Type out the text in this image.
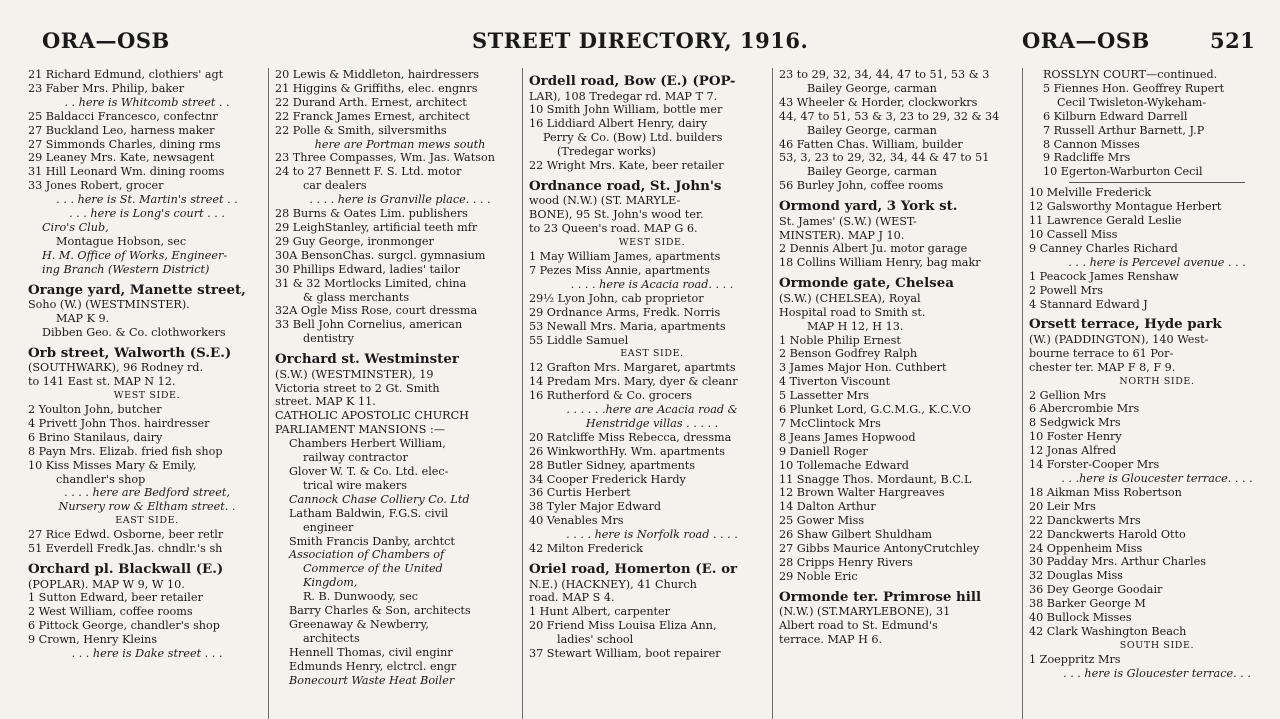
ORA—OSB	STREET DIRECTORY, 1916.	ORA—OSB	521
21 Richard Edmund, clothiers' agt
23 Faber Mrs. Philip, baker
. . here is Whitcomb street . .
25 Baldacci Francesco, confectnr
27 Buckland Leo, harness maker
27 Simmonds Charles, dining rms
29 Leaney Mrs. Kate, newsagent
31 Hill Leonard Wm. dining rooms
33 Jones Robert, grocer
. . . here is St. Martin's street . .
. . . here is Long's court . . .
Ciro's Club,
Montague Hobson, sec
H. M. Office of Works, Engineer-
ing Branch (Western District)
Orange yard, Manette street,
Soho (W.) (WESTMINSTER).
MAP K 9.
Dibben Geo. & Co. clothworkers
Orb street, Walworth (S.E.)
(SOUTHWARK), 96 Rodney rd.
to 141 East st. MAP N 12.
WEST SIDE.
2 Youlton John, butcher
4 Privett John Thos. hairdresser
6 Brino Stanilaus, dairy
8 Payn Mrs. Elizab. fried fish shop
10 Kiss Misses Mary & Emily,
chandler's shop
. . . . here are Bedford street,
Nursery row & Eltham street. .
EAST SIDE.
27 Rice Edwd. Osborne, beer retlr
51 Everdell Fredk.Jas. chndlr.'s sh
Orchard pl. Blackwall (E.)
(POPLAR). MAP W 9, W 10.
1 Sutton Edward, beer retailer
2 West William, coffee rooms
6 Pittock George, chandler's shop
9 Crown, Henry Kleins
. . . here is Dake street . . .
20 Lewis & Middleton, hairdressers
21 Higgins & Griffiths, elec. engnrs
22 Durand Arth. Ernest, architect
22 Franck James Ernest, architect
22 Polle & Smith, silversmiths
here are Portman mews south
23 Three Compasses, Wm. Jas. Watson
24 to 27 Bennett F. S. Ltd. motor
car dealers
. . . . here is Granville place. . . .
28 Burns & Oates Lim. publishers
29 LeighStanley, artificial teeth mfr
29 Guy George, ironmonger
30A BensonChas. surgcl. gymnasium
30 Phillips Edward, ladies' tailor
31 & 32 Mortlocks Limited, china
& glass merchants
32A Ogle Miss Rose, court dressma
33 Bell John Cornelius, american
dentistry
Orchard st. Westminster
(S.W.) (WESTMINSTER), 19
Victoria street to 2 Gt. Smith
street. MAP K 11.
CATHOLIC APOSTOLIC CHURCH
PARLIAMENT MANSIONS :—
Chambers Herbert William,
railway contractor
Glover W. T. & Co. Ltd. elec-
trical wire makers
Cannock Chase Colliery Co. Ltd
Latham Baldwin, F.G.S. civil
engineer
Smith Francis Danby, archtct
Association of Chambers of
Commerce of the United
Kingdom,
R. B. Dunwoody, sec
Barry Charles & Son, architects
Greenaway & Newberry,
architects
Hennell Thomas, civil enginr
Edmunds Henry, elctrcl. engr
Bonecourt Waste Heat Boiler
Ordell road, Bow (E.) (POP-
LAR), 108 Tredegar rd. MAP T 7.
10 Smith John William, bottle mer
16 Liddiard Albert Henry, dairy
Perry & Co. (Bow) Ltd. builders
(Tredegar works)
22 Wright Mrs. Kate, beer retailer
Ordnance road, St. John's
wood (N.W.) (ST. MARYLE-
BONE), 95 St. John's wood ter.
to 23 Queen's road. MAP G 6.
WEST SIDE.
1 May William James, apartments
7 Pezes Miss Annie, apartments
. . . . here is Acacia road. . . .
29½ Lyon John, cab proprietor
29 Ordnance Arms, Fredk. Norris
53 Newall Mrs. Maria, apartments
55 Liddle Samuel
EAST SIDE.
12 Grafton Mrs. Margaret, apartmts
14 Predam Mrs. Mary, dyer & cleanr
16 Rutherford & Co. grocers
. . . . . .here are Acacia road &
Henstridge villas . . . . .
20 Ratcliffe Miss Rebecca, dressma
26 WinkworthHy. Wm. apartments
28 Butler Sidney, apartments
34 Cooper Frederick Hardy
36 Curtis Herbert
38 Tyler Major Edward
40 Venables Mrs
. . . . here is Norfolk road . . . .
42 Milton Frederick
Oriel road, Homerton (E. or
N.E.) (HACKNEY), 41 Church
road. MAP S 4.
1 Hunt Albert, carpenter
20 Friend Miss Louisa Eliza Ann,
ladies' school
37 Stewart William, boot repairer
23 to 29, 32, 34, 44, 47 to 51, 53 & 3
Bailey George, carman
43 Wheeler & Horder, clockworkrs
44, 47 to 51, 53 & 3, 23 to 29, 32 & 34
Bailey George, carman
46 Fatten Chas. William, builder
53, 3, 23 to 29, 32, 34, 44 & 47 to 51
Bailey George, carman
56 Burley John, coffee rooms
Ormond yard, 3 York st.
St. James' (S.W.) (WEST-
MINSTER). MAP J 10.
2 Dennis Albert Ju. motor garage
18 Collins William Henry, bag makr
Ormonde gate, Chelsea
(S.W.) (CHELSEA), Royal
Hospital road to Smith st.
MAP H 12, H 13.
1 Noble Philip Ernest
2 Benson Godfrey Ralph
3 James Major Hon. Cuthbert
4 Tiverton Viscount
5 Lassetter Mrs
6 Plunket Lord, G.C.M.G., K.C.V.O
7 McClintock Mrs
8 Jeans James Hopwood
9 Daniell Roger
10 Tollemache Edward
11 Snagge Thos. Mordaunt, B.C.L
12 Brown Walter Hargreaves
14 Dalton Arthur
25 Gower Miss
26 Shaw Gilbert Shuldham
27 Gibbs Maurice AntonyCrutchley
28 Cripps Henry Rivers
29 Noble Eric
Ormonde ter. Primrose hill
(N.W.) (ST.MARYLEBONE), 31
Albert road to St. Edmund's
terrace. MAP H 6.
ROSSLYN COURT—continued.
5 Fiennes Hon. Geoffrey Rupert
Cecil Twisleton-Wykeham-
6 Kilburn Edward Darrell
7 Russell Arthur Barnett, J.P
8 Cannon Misses
9 Radcliffe Mrs
10 Egerton-Warburton Cecil
10 Melville Frederick
12 Galsworthy Montague Herbert
11 Lawrence Gerald Leslie
10 Cassell Miss
9 Canney Charles Richard
. . . here is Percevel avenue . . .
1 Peacock James Renshaw
2 Powell Mrs
4 Stannard Edward J
Orsett terrace, Hyde park
(W.) (PADDINGTON), 140 West-
bourne terrace to 61 Por-
chester ter. MAP F 8, F 9.
NORTH SIDE.
2 Gellion Mrs
6 Abercrombie Mrs
8 Sedgwick Mrs
10 Foster Henry
12 Jonas Alfred
14 Forster-Cooper Mrs
. . .here is Gloucester terrace. . . .
18 Aikman Miss Robertson
20 Leir Mrs
22 Danckwerts Mrs
22 Danckwerts Harold Otto
24 Oppenheim Miss
30 Padday Mrs. Arthur Charles
32 Douglas Miss
36 Dey George Goodair
38 Barker George M
40 Bullock Misses
42 Clark Washington Beach
SOUTH SIDE.
1 Zoeppritz Mrs
. . . here is Gloucester terrace. . .
